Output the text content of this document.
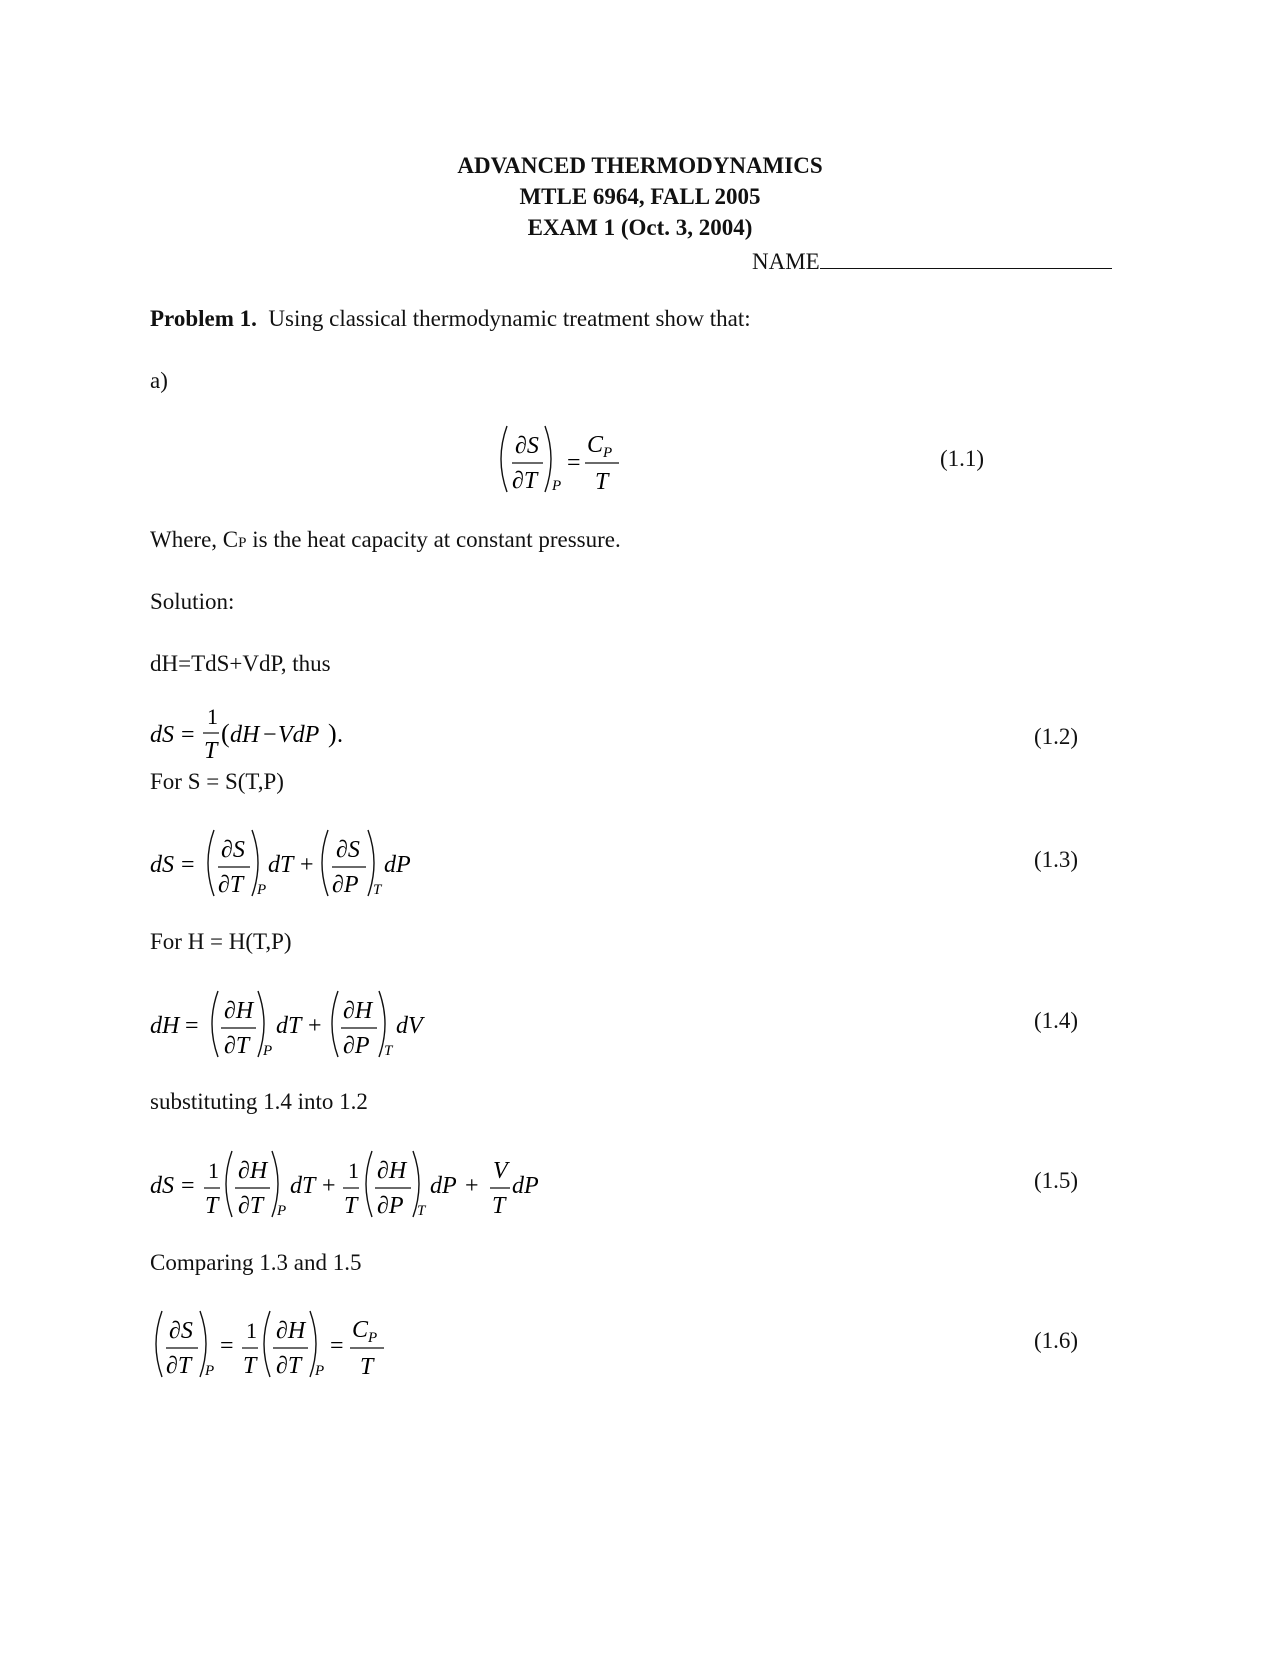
ADVANCED THERMODYNAMICS
MTLE 6964, FALL 2005
EXAM 1 (Oct. 3, 2004)
NAME
Problem 1. Using classical thermodynamic treatment show that:
a)
∂S
∂T P
=
C P
T
(1.1)
Where, CP is the heat capacity at constant pressure.
Solution:
dH=TdS+VdP, thus
dS =
1
T
( dH − VdP ) .	(1.2)
For S = S(T,P)
dS =
∂S
∂T P
dT +
∂S
∂P T
dP	(1.3)
For H = H(T,P)
dH =
∂H
∂T P
dT +
∂H
∂P T
dV	(1.4)
substituting 1.4 into 1.2
dS =
1
T
∂H
∂T P
dT +
1
T
∂H
∂P T
dP +
V
T
dP	(1.5)
Comparing 1.3 and 1.5
∂S
∂T P
=
1
T
∂H
∂T P
=
C P
T
(1.6)
